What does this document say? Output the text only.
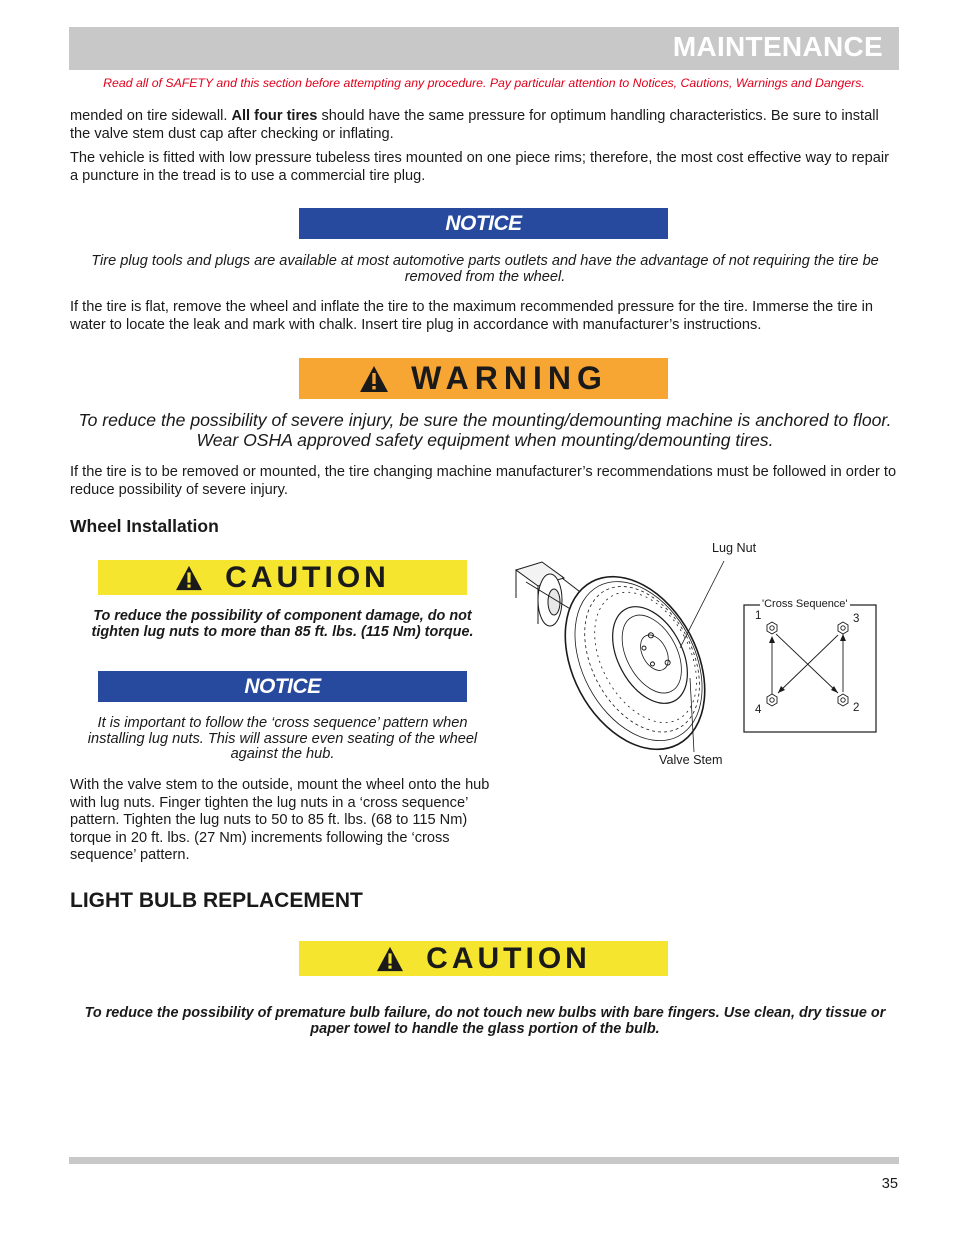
MAINTENANCE
Read all of SAFETY and this section before attempting any procedure. Pay particular attention to Notices, Cautions, Warnings and Dangers.
mended on tire sidewall. All four tires should have the same pressure for optimum handling characteristics. Be sure to install the valve stem dust cap after checking or inflating.
The vehicle is fitted with low pressure tubeless tires mounted on one piece rims; therefore, the most cost effective way to repair a puncture in the tread is to use a commercial tire plug.
NOTICE
Tire plug tools and plugs are available at most automotive parts outlets and have the advantage of not requiring the tire be removed from the wheel.
If the tire is flat, remove the wheel and inflate the tire to the maximum recommended pressure for the tire. Immerse the tire in water to locate the leak and mark with chalk. Insert tire plug in accordance with manufacturer’s instructions.
WARNING
To reduce the possibility of severe injury, be sure the mounting/demounting machine is anchored to floor. Wear OSHA approved safety equipment when mounting/demounting tires.
If the tire is to be removed or mounted, the tire changing machine manufacturer’s recommendations must be followed in order to reduce possibility of severe injury.
Wheel Installation
CAUTION
To reduce the possibility of component damage, do not tighten lug nuts to more than 85 ft. lbs. (115 Nm) torque.
NOTICE
It is important to follow the ‘cross sequence’ pattern when installing lug nuts. This will assure even seating of the wheel against the hub.
With the valve stem to the outside, mount the wheel onto the hub with lug nuts. Finger tighten the lug nuts in a ‘cross sequence’ pattern. Tighten the lug nuts to 50 to 85 ft. lbs. (68 to 115 Nm) torque in 20 ft. lbs. (27 Nm) increments following the ‘cross sequence’ pattern.
Lug Nut
Valve Stem
'Cross Sequence'
1
2
3
4
LIGHT BULB REPLACEMENT
CAUTION
To reduce the possibility of premature bulb failure, do not touch new bulbs with bare fingers. Use clean, dry tissue or paper towel to handle the glass portion of the bulb.
35
